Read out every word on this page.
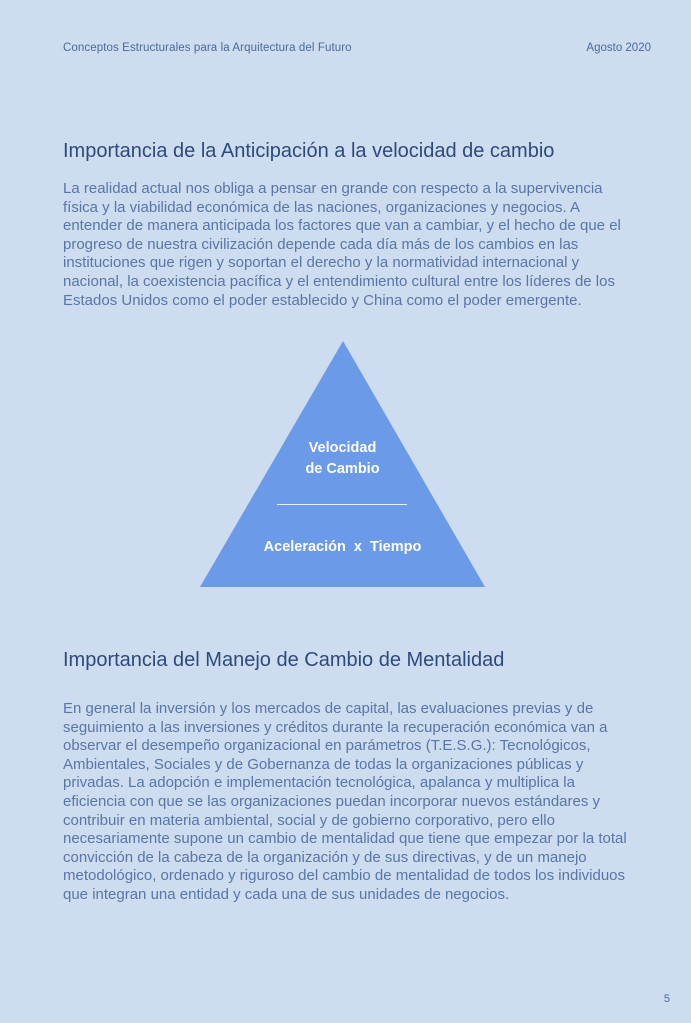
Conceptos Estructurales para la Arquitectura del Futuro	Agosto 2020
Importancia de la Anticipación a la velocidad de cambio

La realidad actual nos obliga a pensar en grande con respecto a la supervivencia física y la viabilidad económica de las naciones, organizaciones y negocios. A entender de manera anticipada los factores que van a cambiar, y el hecho de que el progreso de nuestra civilización depende cada día más de los cambios en las instituciones que rigen y soportan el derecho y la normatividad internacional y nacional, la coexistencia pacífica y el entendimiento cultural entre los líderes de los Estados Unidos como el poder establecido y China como el poder emergente.

Velocidad
de Cambio
Aceleración  x  Tiempo
Importancia del Manejo de Cambio de Mentalidad

En general la inversión y los mercados de capital, las evaluaciones previas y de seguimiento a las inversiones y créditos durante la recuperación económica van a observar el desempeño organizacional en parámetros (T.E.S.G.): Tecnológicos, Ambientales, Sociales y de Gobernanza de todas la organizaciones públicas y privadas. La adopción e implementación tecnológica, apalanca y multiplica la eficiencia con que se las organizaciones puedan incorporar nuevos estándares y contribuir en materia ambiental, social y de gobierno corporativo, pero ello necesariamente supone un cambio de mentalidad que tiene que empezar por la total convicción de la cabeza de la organización y de sus directivas, y de un manejo metodológico, ordenado y riguroso del cambio de mentalidad de todos los individuos que integran una entidad y cada una de sus unidades de negocios.

5
